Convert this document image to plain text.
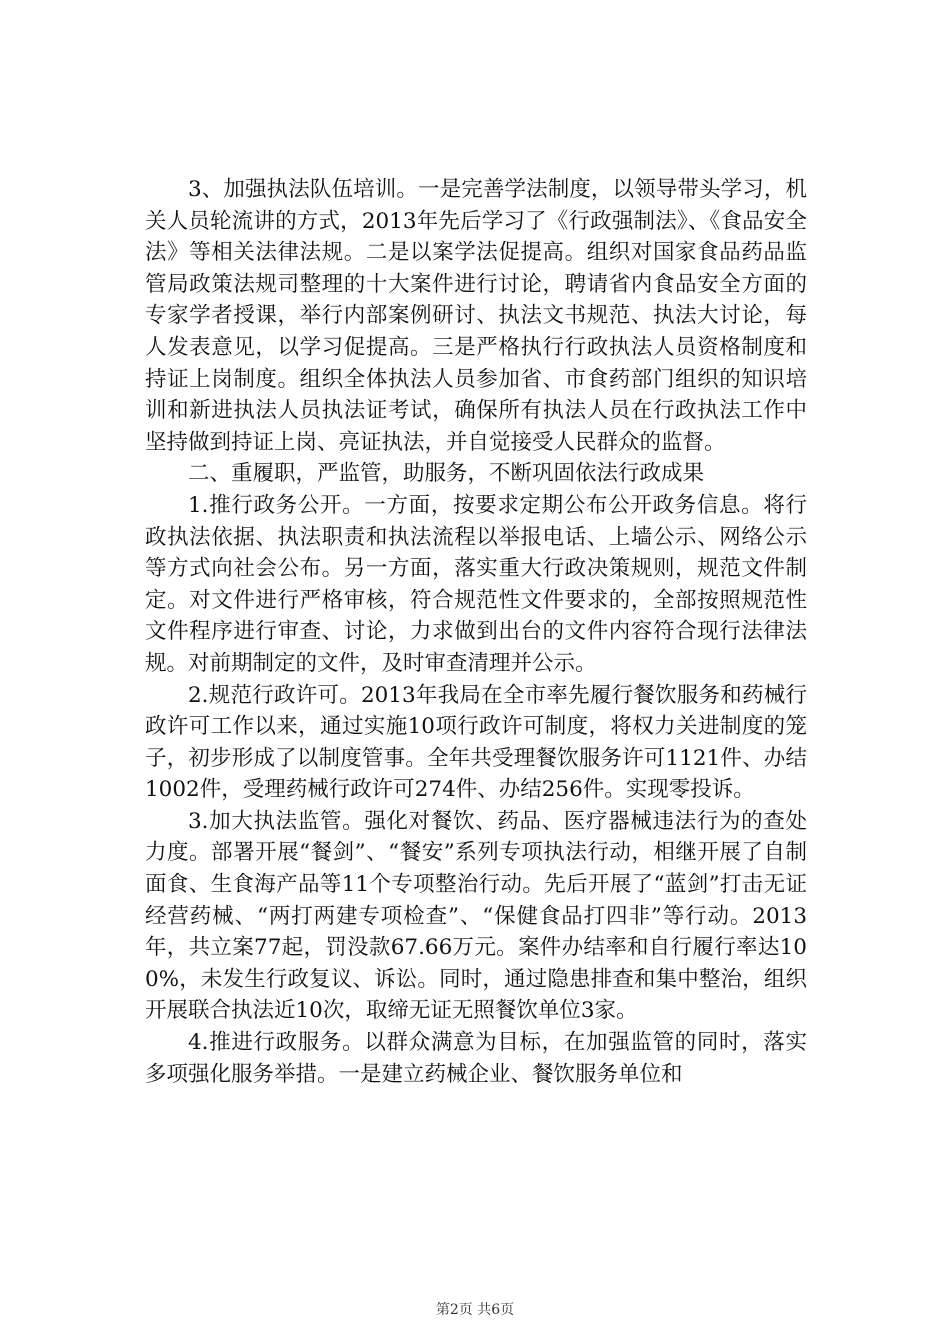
3、加强执法队伍培训。一是完善学法制度，以领导带头学习，机关人员轮流讲的方式，2013年先后学习了《行政强制法》、《食品安全法》等相关法律法规。二是以案学法促提高。组织对国家食品药品监管局政策法规司整理的十大案件进行讨论，聘请省内食品安全方面的专家学者授课，举行内部案例研讨、执法文书规范、执法大讨论，每人发表意见，以学习促提高。三是严格执行行政执法人员资格制度和持证上岗制度。组织全体执法人员参加省、市食药部门组织的知识培训和新进执法人员执法证考试，确保所有执法人员在行政执法工作中坚持做到持证上岗、亮证执法，并自觉接受人民群众的监督。

二、重履职，严监管，助服务，不断巩固依法行政成果

1.推行政务公开。一方面，按要求定期公布公开政务信息。将行政执法依据、执法职责和执法流程以举报电话、上墙公示、网络公示等方式向社会公布。另一方面，落实重大行政决策规则，规范文件制定。对文件进行严格审核，符合规范性文件要求的，全部按照规范性文件程序进行审查、讨论，力求做到出台的文件内容符合现行法律法规。对前期制定的文件，及时审查清理并公示。

2.规范行政许可。2013年我局在全市率先履行餐饮服务和药械行政许可工作以来，通过实施10项行政许可制度，将权力关进制度的笼子，初步形成了以制度管事。全年共受理餐饮服务许可1121件、办结1002件，受理药械行政许可274件、办结256件。实现零投诉。

3.加大执法监管。强化对餐饮、药品、医疗器械违法行为的查处力度。部署开展“餐剑”、“餐安”系列专项执法行动，相继开展了自制面食、生食海产品等11个专项整治行动。先后开展了“蓝剑”打击无证经营药械、“两打两建专项检查”、“保健食品打四非”等行动。2013年，共立案77起，罚没款67.66万元。案件办结率和自行履行率达100%，未发生行政复议、诉讼。同时，通过隐患排查和集中整治，组织开展联合执法近10次，取缔无证无照餐饮单位3家。

4.推进行政服务。以群众满意为目标，在加强监管的同时，落实多项强化服务举措。一是建立药械企业、餐饮服务单位和

第2页 共6页
